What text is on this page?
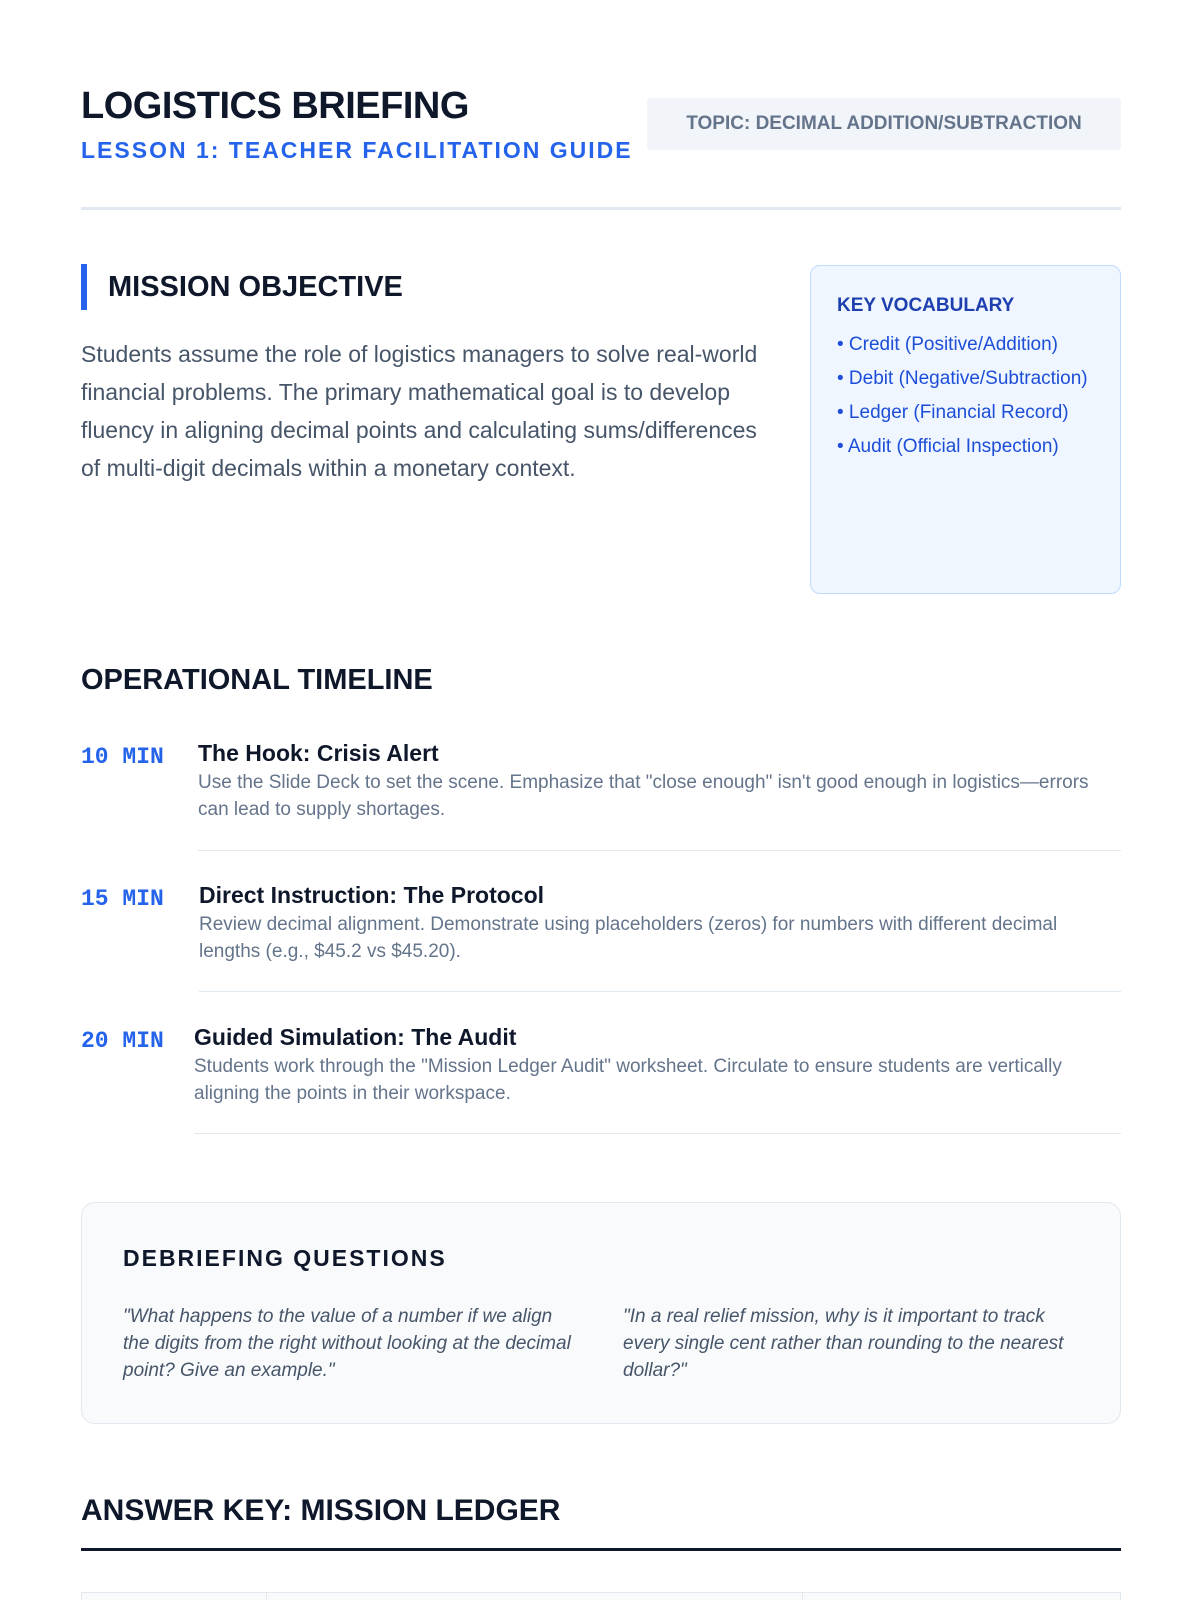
LOGISTICS BRIEFING
LESSON 1: TEACHER FACILITATION GUIDE
TOPIC: DECIMAL ADDITION/SUBTRACTION
MISSION OBJECTIVE

Students assume the role of logistics managers to solve real-world financial problems. The primary mathematical goal is to develop fluency in aligning decimal points and calculating sums/differences of multi-digit decimals within a monetary context.

KEY VOCABULARY
• Credit (Positive/Addition)
• Debit (Negative/Subtraction)
• Ledger (Financial Record)
• Audit (Official Inspection)
OPERATIONAL TIMELINE
10 MIN The Hook: Crisis Alert

Use the Slide Deck to set the scene. Emphasize that "close enough" isn't good enough in logistics—errors can lead to supply shortages.

15 MIN Direct Instruction: The Protocol

Review decimal alignment. Demonstrate using placeholders (zeros) for numbers with different decimal lengths (e.g., $45.2 vs $45.20).

20 MIN Guided Simulation: The Audit

Students work through the "Mission Ledger Audit" worksheet. Circulate to ensure students are vertically aligning the points in their workspace.

DEBRIEFING QUESTIONS

"What happens to the value of a number if we align the digits from the right without looking at the decimal point? Give an example."

"In a real relief mission, why is it important to track every single cent rather than rounding to the nearest dollar?"

ANSWER KEY: MISSION LEDGER
